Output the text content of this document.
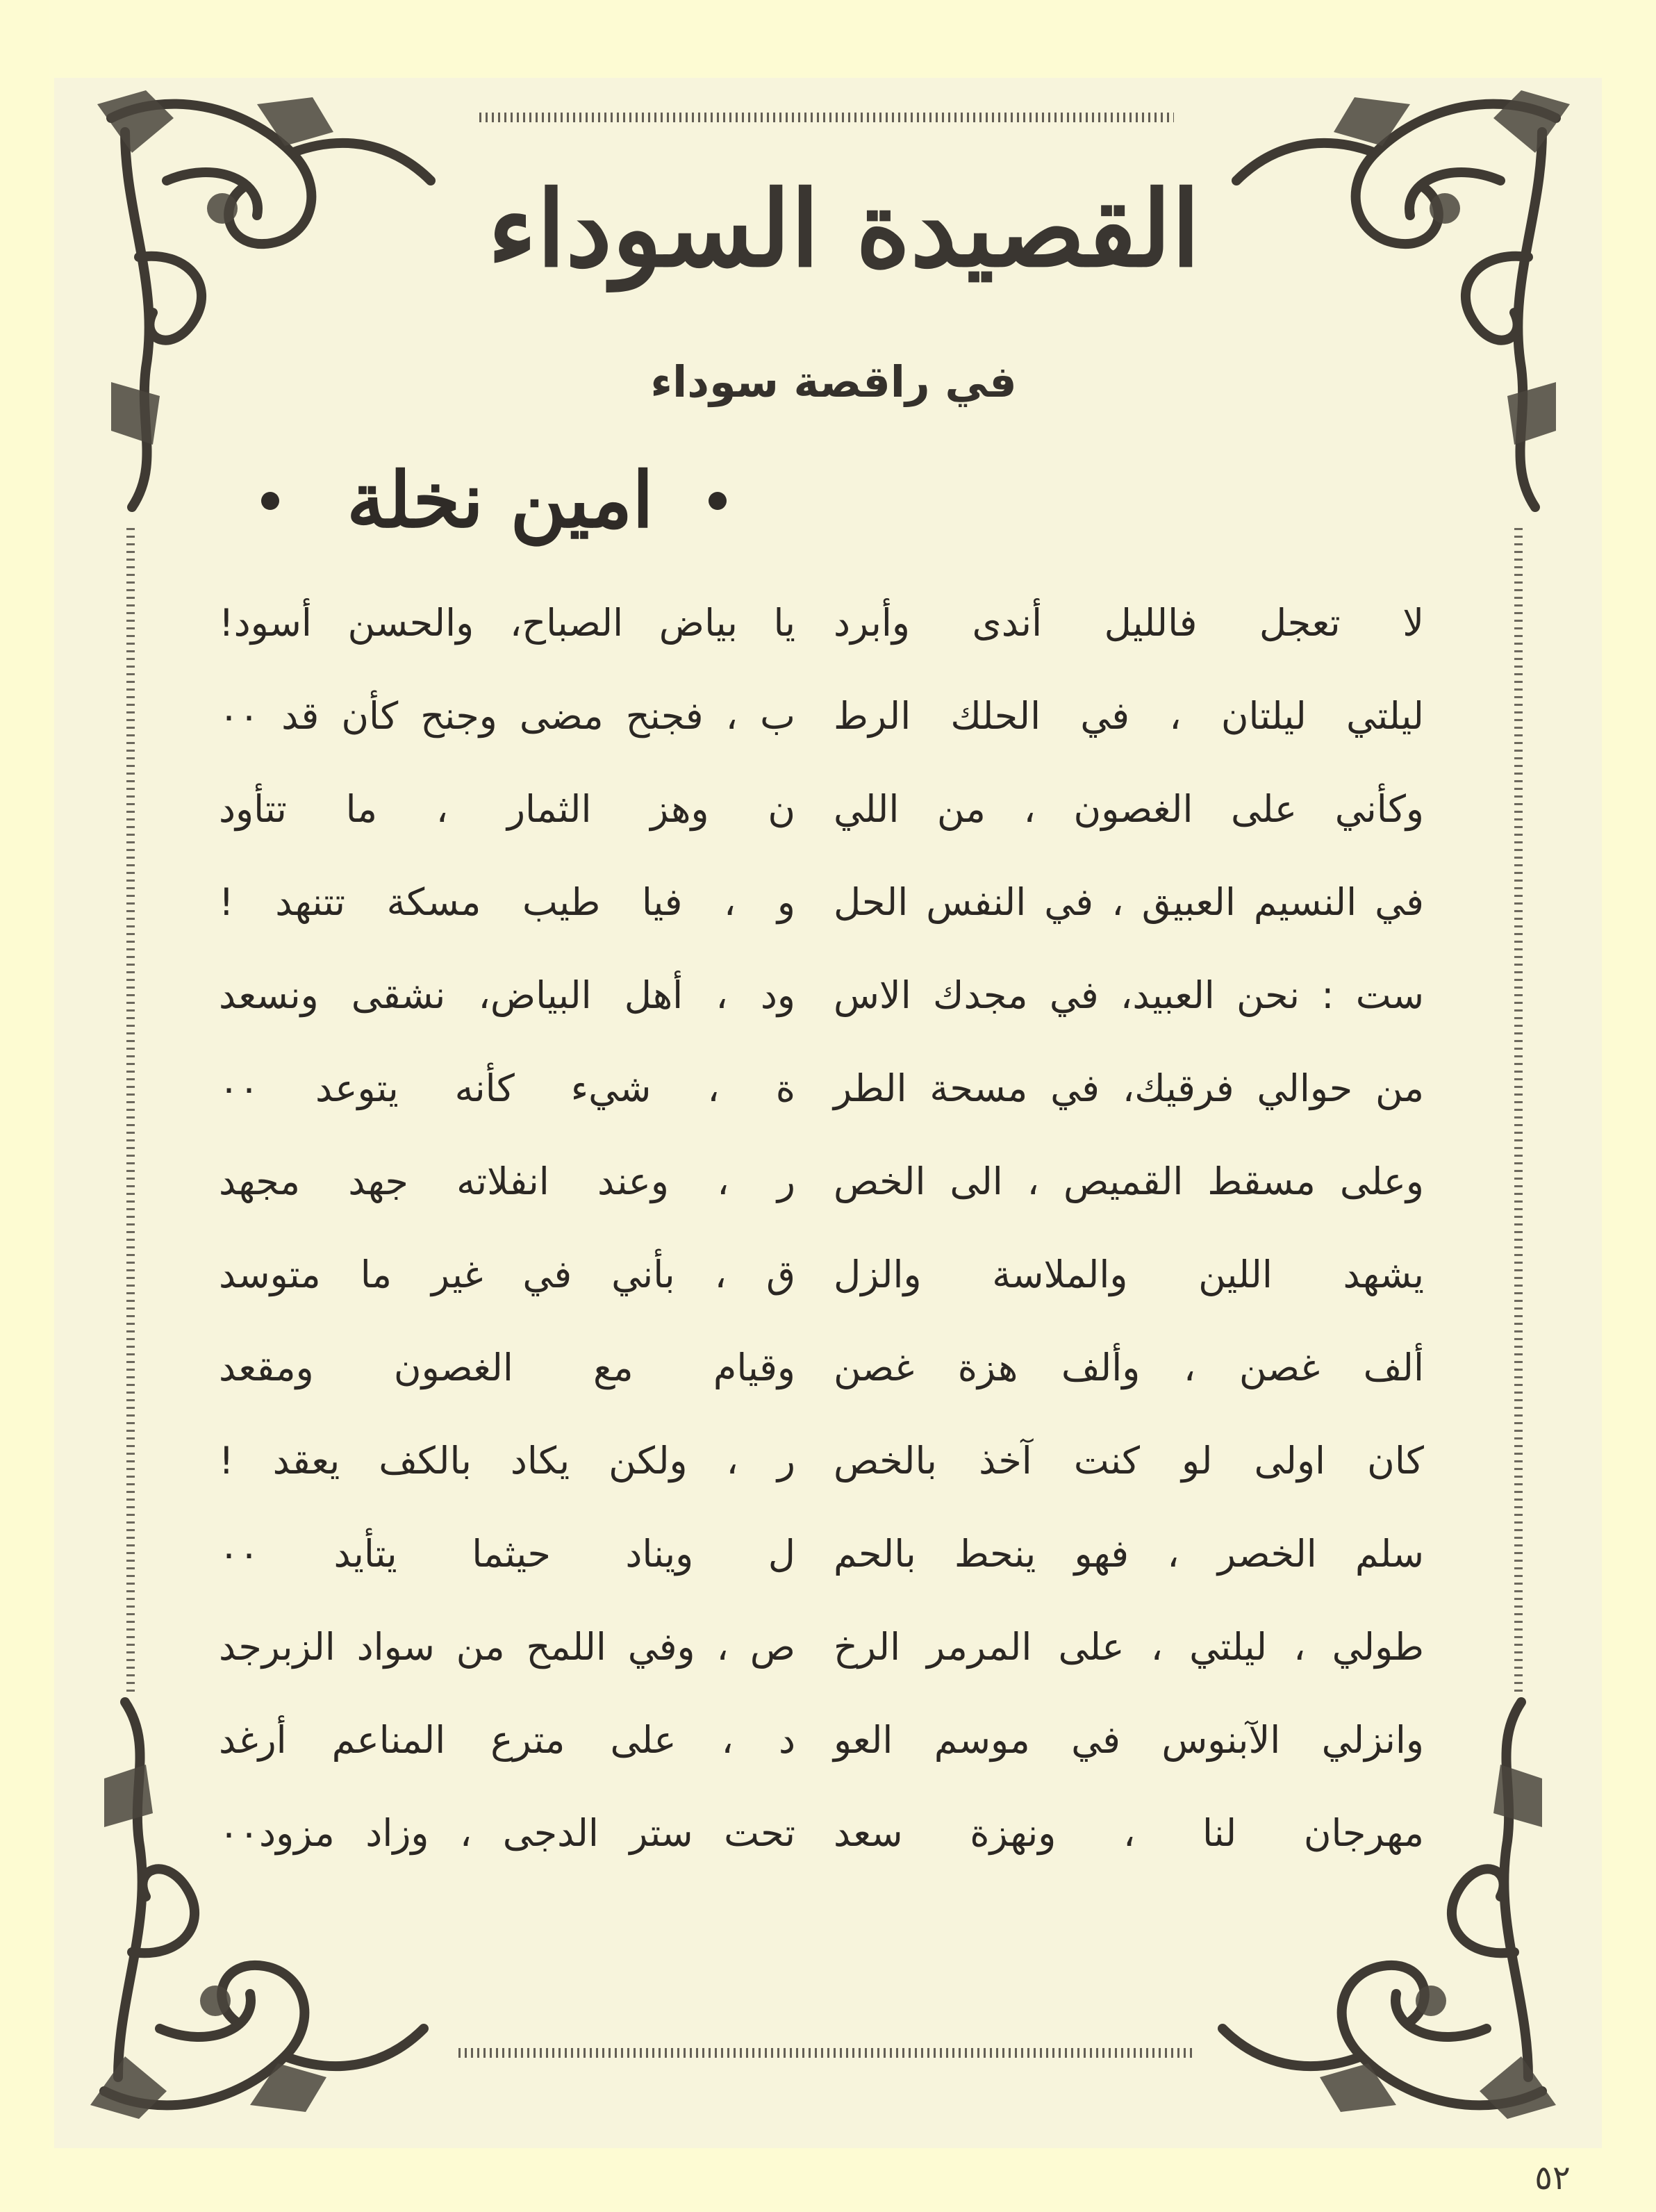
القصيدة السوداء
في راقصة سوداء
امين نخلة
لا تعجل فالليل أندى وأبرد
ليلتي ليلتان ، في الحلك الرط
وكأني على الغصون ، من اللي
في النسيم العبيق ، في النفس الحل
ست : نحن العبيد، في مجدك الاس
من حوالي فرقيك، في مسحة الطر
وعلى مسقط القميص ، الى الخص
يشهد اللين والملاسة والزل
ألف غصن ، وألف هزة غصن
كان اولى لو كنت آخذ بالخص
سلم الخصر ، فهو ينحط بالحم
طولي ، ليلتي ، على المرمر الرخ
وانزلي الآبنوس في موسم العو
مهرجان لنا ، ونهزة سعد
يا بياض الصباح، والحسن أسود!
ب ، فجنح مضى وجنح كأن قد ٠٠
ن وهز الثمار ، ما تتأود
و ، فيا طيب مسكة تتنهد !
ود ، أهل البياض، نشقى ونسعد
ة ، شيء كأنه يتوعد ٠٠
ر ، وعند انفلاته جهد مجهد
ق ، بأني في غير ما متوسد
وقيام مع الغصون ومقعد
ر ، ولكن يكاد بالكف يعقد !
ل ويناد حيثما يتأيد ٠٠
ص ، وفي اللمح من سواد الزبرجد
د ، على مترع المناعم أرغد
تحت ستر الدجى ، وزاد مزود٠٠
٥٢
